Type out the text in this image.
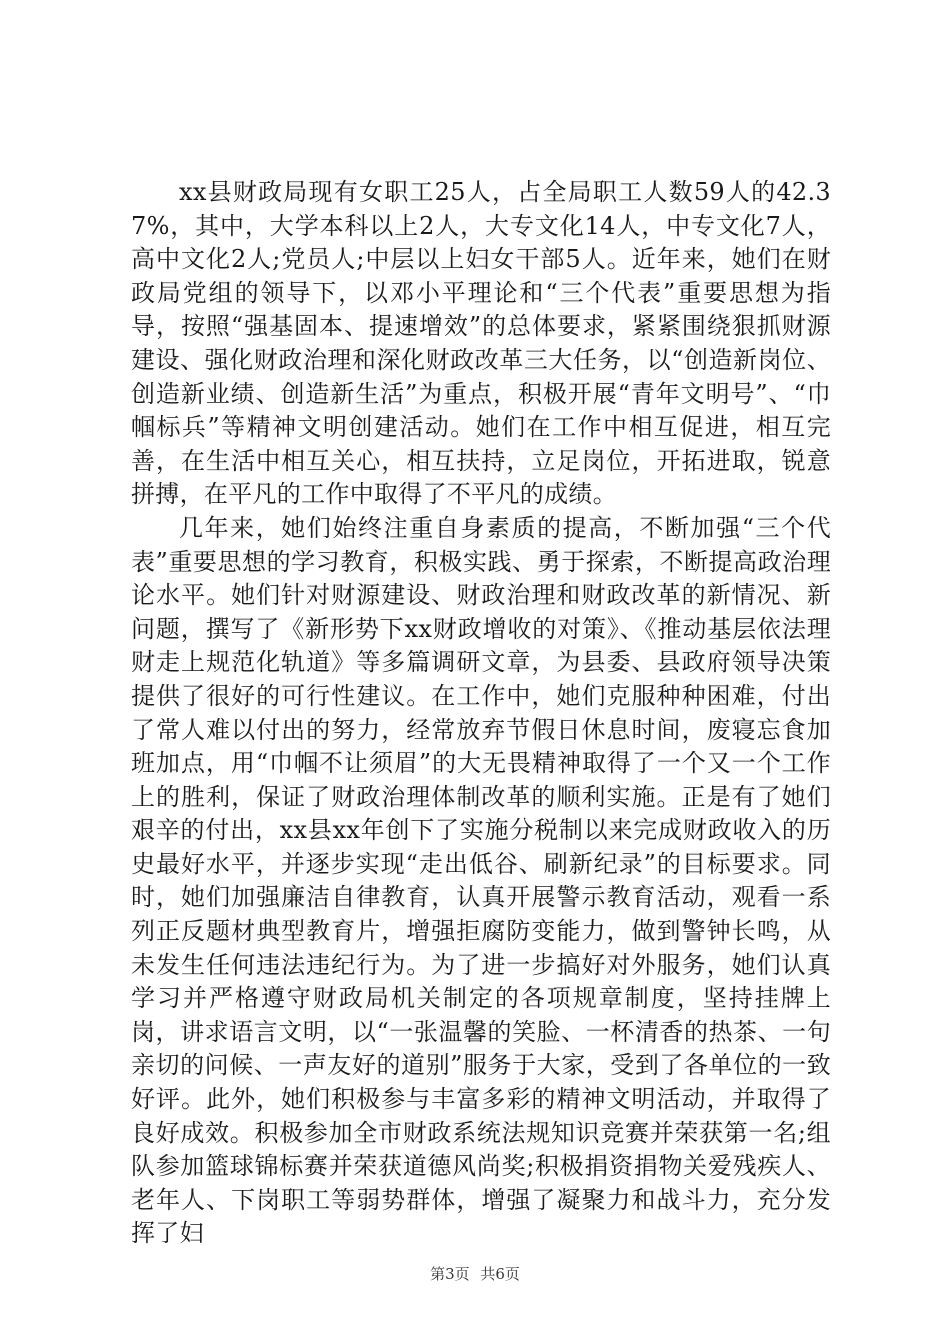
xx县财政局现有女职工25人，占全局职工人数59人的42.37%，其中，大学本科以上2人，大专文化14人，中专文化7人，高中文化2人;党员人;中层以上妇女干部5人。近年来，她们在财政局党组的领导下，以邓小平理论和“三个代表”重要思想为指导，按照“强基固本、提速增效”的总体要求，紧紧围绕狠抓财源建设、强化财政治理和深化财政改革三大任务，以“创造新岗位、创造新业绩、创造新生活”为重点，积极开展“青年文明号”、“巾帼标兵”等精神文明创建活动。她们在工作中相互促进，相互完善，在生活中相互关心，相互扶持，立足岗位，开拓进取，锐意拼搏，在平凡的工作中取得了不平凡的成绩。

几年来，她们始终注重自身素质的提高，不断加强“三个代表”重要思想的学习教育，积极实践、勇于探索，不断提高政治理论水平。她们针对财源建设、财政治理和财政改革的新情况、新问题，撰写了《新形势下xx财政增收的对策》、《推动基层依法理财走上规范化轨道》等多篇调研文章，为县委、县政府领导决策提供了很好的可行性建议。在工作中，她们克服种种困难，付出了常人难以付出的努力，经常放弃节假日休息时间，废寝忘食加班加点，用“巾帼不让须眉”的大无畏精神取得了一个又一个工作上的胜利，保证了财政治理体制改革的顺利实施。正是有了她们艰辛的付出，xx县xx年创下了实施分税制以来完成财政收入的历史最好水平，并逐步实现“走出低谷、刷新纪录”的目标要求。同时，她们加强廉洁自律教育，认真开展警示教育活动，观看一系列正反题材典型教育片，增强拒腐防变能力，做到警钟长鸣，从未发生任何违法违纪行为。为了进一步搞好对外服务，她们认真学习并严格遵守财政局机关制定的各项规章制度，坚持挂牌上岗，讲求语言文明，以“一张温馨的笑脸、一杯清香的热茶、一句亲切的问候、一声友好的道别”服务于大家，受到了各单位的一致好评。此外，她们积极参与丰富多彩的精神文明活动，并取得了良好成效。积极参加全市财政系统法规知识竞赛并荣获第一名;组队参加篮球锦标赛并荣获道德风尚奖;积极捐资捐物关爱残疾人、老年人、下岗职工等弱势群体，增强了凝聚力和战斗力，充分发挥了妇

第3页 共6页
